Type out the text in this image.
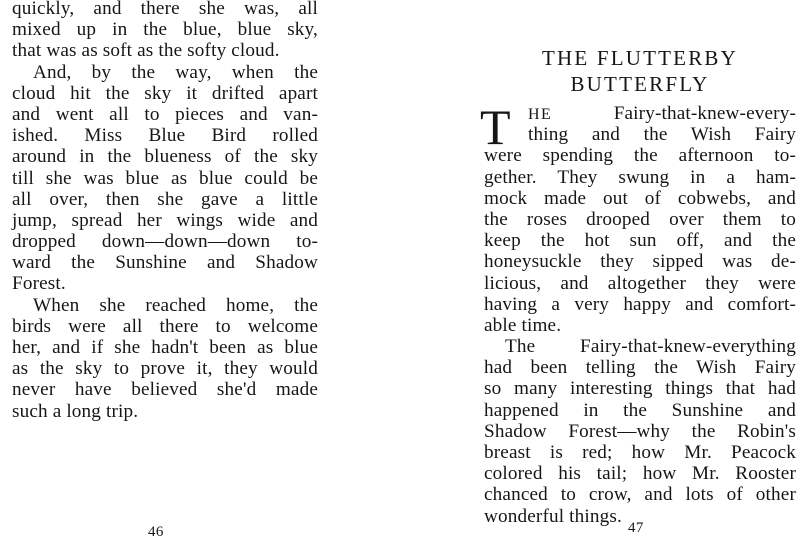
quickly, and there she was, all
mixed up in the blue, blue sky,
that was as soft as the softy cloud.
And, by the way, when the
cloud hit the sky it drifted apart
and went all to pieces and van-
ished. Miss Blue Bird rolled
around in the blueness of the sky
till she was blue as blue could be
all over, then she gave a little
jump, spread her wings wide and
dropped down—down—down to-
ward the Sunshine and Shadow
Forest.
When she reached home, the
birds were all there to welcome
her, and if she hadn't been as blue
as the sky to prove it, they would
never have believed she'd made
such a long trip.
46
THE FLUTTERBY
BUTTERFLY
T HE	Fairy-that-knew-every-
thing and the Wish Fairy
were spending the afternoon to-
gether. They swung in a ham-
mock made out of cobwebs, and
the roses drooped over them to
keep the hot sun off, and the
honeysuckle they sipped was de-
licious, and altogether they were
having a very happy and comfort-
able time.
The Fairy-that-knew-everything
had been telling the Wish Fairy
so many interesting things that had
happened in the Sunshine and
Shadow Forest—why the Robin's
breast is red; how Mr. Peacock
colored his tail; how Mr. Rooster
chanced to crow, and lots of other
wonderful things.
47
